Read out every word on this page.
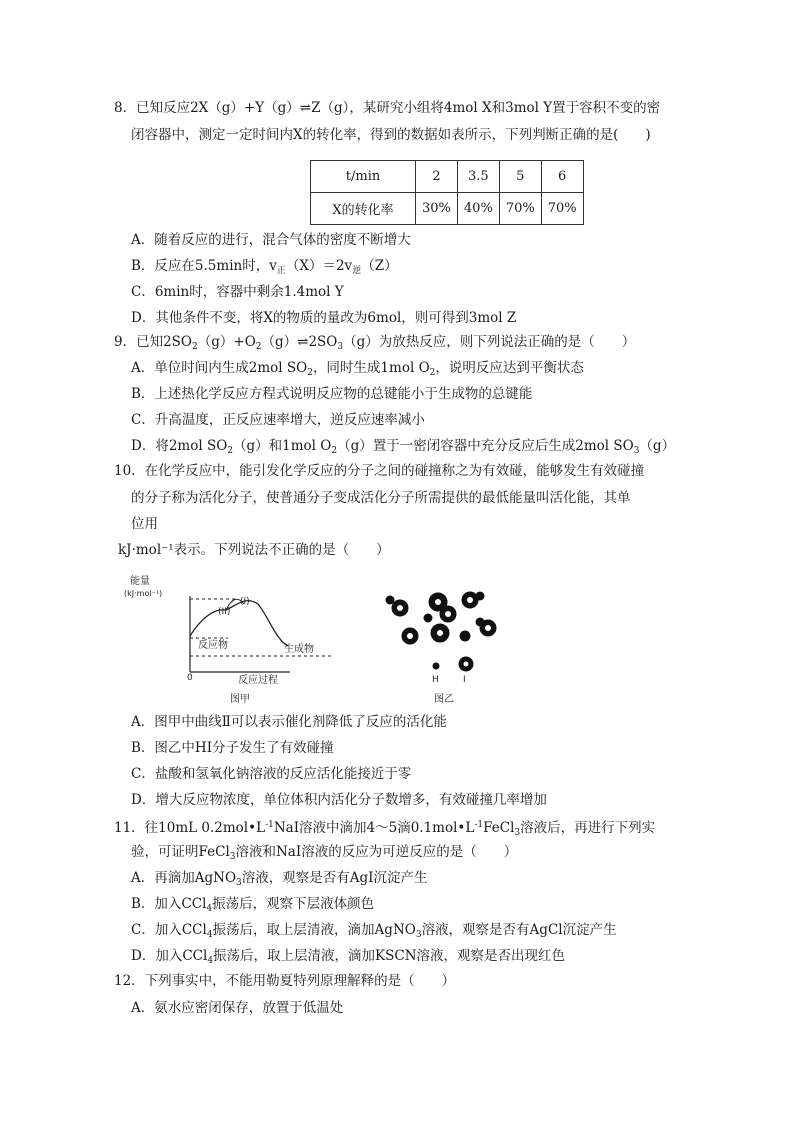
8．已知反应2X（g）+Y（g）⇌Z（g），某研究小组将4mol X和3mol Y置于容积不变的密
闭容器中，测定一定时间内X的转化率，得到的数据如表所示，下列判断正确的是(　　)
t/min	2	3.5	5	6
X的转化率	30%	40%	70%	70%
A．随着反应的进行，混合气体的密度不断增大
B．反应在5.5min时，$v_正(X)=2v_逆(Z)$
C．6min时，容器中剩余1.4mol Y
D．其他条件不变，将X的物质的量改为6mol，则可得到3mol Z
9．已知$2SO_2(g)+O_2(g)\rightleftharpoons 2SO_3(g)$为放热反应，则下列说法正确的是（　　）
A．单位时间内生成2mol $SO_2$，同时生成1mol $O_2$，说明反应达到平衡状态
B．上述热化学反应方程式说明反应物的总键能小于生成物的总键能
C．升高温度，正反应速率增大，逆反应速率减小
D．将2mol $SO_2(g)$和1mol $O_2(g)$置于一密闭容器中充分反应后生成2mol $SO_3(g)$
10．在化学反应中，能引发化学反应的分子之间的碰撞称之为有效碰，能够发生有效碰撞
的分子称为活化分子，使普通分子变成活化分子所需提供的最低能量叫活化能，其单
位用
kJ·mol⁻¹表示。下列说法不正确的是（　　）
能量
(kJ·mol⁻¹)
(I)
(II)
反应物	生成物
0	反应过程
图甲
H	I
图乙
A．图甲中曲线Ⅱ可以表示催化剂降低了反应的活化能
B．图乙中HI分子发生了有效碰撞
C．盐酸和氢氧化钠溶液的反应活化能接近于零
D．增大反应物浓度，单位体积内活化分子数增多，有效碰撞几率增加
11．往10mL $0.2mol•L^{-1}NaI$溶液中滴加4～5滴$0.1mol•L^{-1}FeCl_3$溶液后，再进行下列实
验，可证明FeCl$_3$溶液和NaI溶液的反应为可逆反应的是（　　）
A．再滴加AgNO$_3$溶液，观察是否有AgI沉淀产生
B．加入CCl$_4$振荡后，观察下层液体颜色
C．加入CCl$_4$振荡后，取上层清液，滴加AgNO$_3$溶液，观察是否有AgCl沉淀产生
D．加入CCl$_4$振荡后，取上层清液，滴加KSCN溶液，观察是否出现红色
12．下列事实中，不能用勒夏特列原理解释的是（　　）
A．氨水应密闭保存，放置于低温处
